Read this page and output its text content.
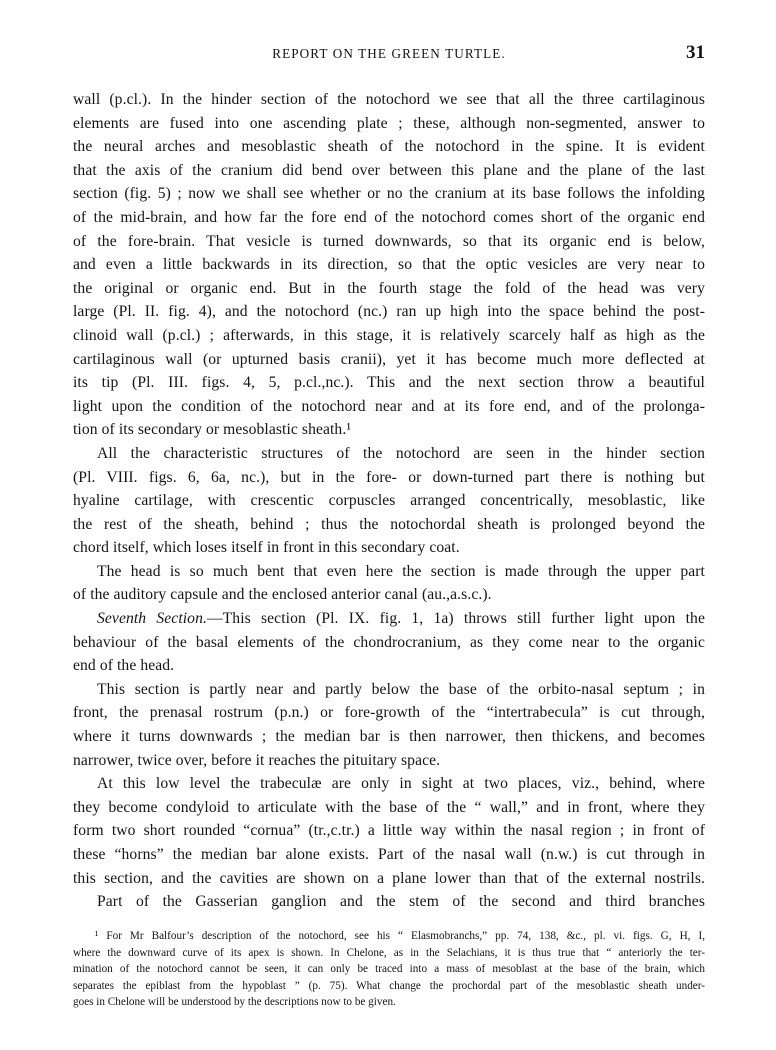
REPORT ON THE GREEN TURTLE.	31

wall (p.cl.). In the hinder section of the notochord we see that all the three cartilaginous
elements are fused into one ascending plate ; these, although non-segmented, answer to
the neural arches and mesoblastic sheath of the notochord in the spine. It is evident
that the axis of the cranium did bend over between this plane and the plane of the last
section (fig. 5) ; now we shall see whether or no the cranium at its base follows the infolding
of the mid-brain, and how far the fore end of the notochord comes short of the organic end
of the fore-brain. That vesicle is turned downwards, so that its organic end is below,
and even a little backwards in its direction, so that the optic vesicles are very near to
the original or organic end. But in the fourth stage the fold of the head was very
large (Pl. II. fig. 4), and the notochord (nc.) ran up high into the space behind the post-
clinoid wall (p.cl.) ; afterwards, in this stage, it is relatively scarcely half as high as the
cartilaginous wall (or upturned basis cranii), yet it has become much more deflected at
its tip (Pl. III. figs. 4, 5, p.cl.,nc.). This and the next section throw a beautiful
light upon the condition of the notochord near and at its fore end, and of the prolonga-
tion of its secondary or mesoblastic sheath.¹

All the characteristic structures of the notochord are seen in the hinder section
(Pl. VIII. figs. 6, 6a, nc.), but in the fore- or down-turned part there is nothing but
hyaline cartilage, with crescentic corpuscles arranged concentrically, mesoblastic, like
the rest of the sheath, behind ; thus the notochordal sheath is prolonged beyond the
chord itself, which loses itself in front in this secondary coat.

The head is so much bent that even here the section is made through the upper part
of the auditory capsule and the enclosed anterior canal (au.,a.s.c.).

Seventh Section.—This section (Pl. IX. fig. 1, 1a) throws still further light upon the
behaviour of the basal elements of the chondrocranium, as they come near to the organic
end of the head.

This section is partly near and partly below the base of the orbito-nasal septum ; in
front, the prenasal rostrum (p.n.) or fore-growth of the “intertrabecula” is cut through,
where it turns downwards ; the median bar is then narrower, then thickens, and becomes
narrower, twice over, before it reaches the pituitary space.

At this low level the trabeculæ are only in sight at two places, viz., behind, where
they become condyloid to articulate with the base of the “ wall,” and in front, where they
form two short rounded “cornua” (tr.,c.tr.) a little way within the nasal region ; in front of
these “horns” the median bar alone exists. Part of the nasal wall (n.w.) is cut through in
this section, and the cavities are shown on a plane lower than that of the external nostrils.

Part of the Gasserian ganglion and the stem of the second and third branches

¹ For Mr Balfour’s description of the notochord, see his “ Elasmobranchs,” pp. 74, 138, &c., pl. vi. figs. G, H, I,
where the downward curve of its apex is shown. In Chelone, as in the Selachians, it is thus true that “ anteriorly the ter-
mination of the notochord cannot be seen, it can only be traced into a mass of mesoblast at the base of the brain, which
separates the epiblast from the hypoblast ” (p. 75). What change the prochordal part of the mesoblastic sheath under-
goes in Chelone will be understood by the descriptions now to be given.
